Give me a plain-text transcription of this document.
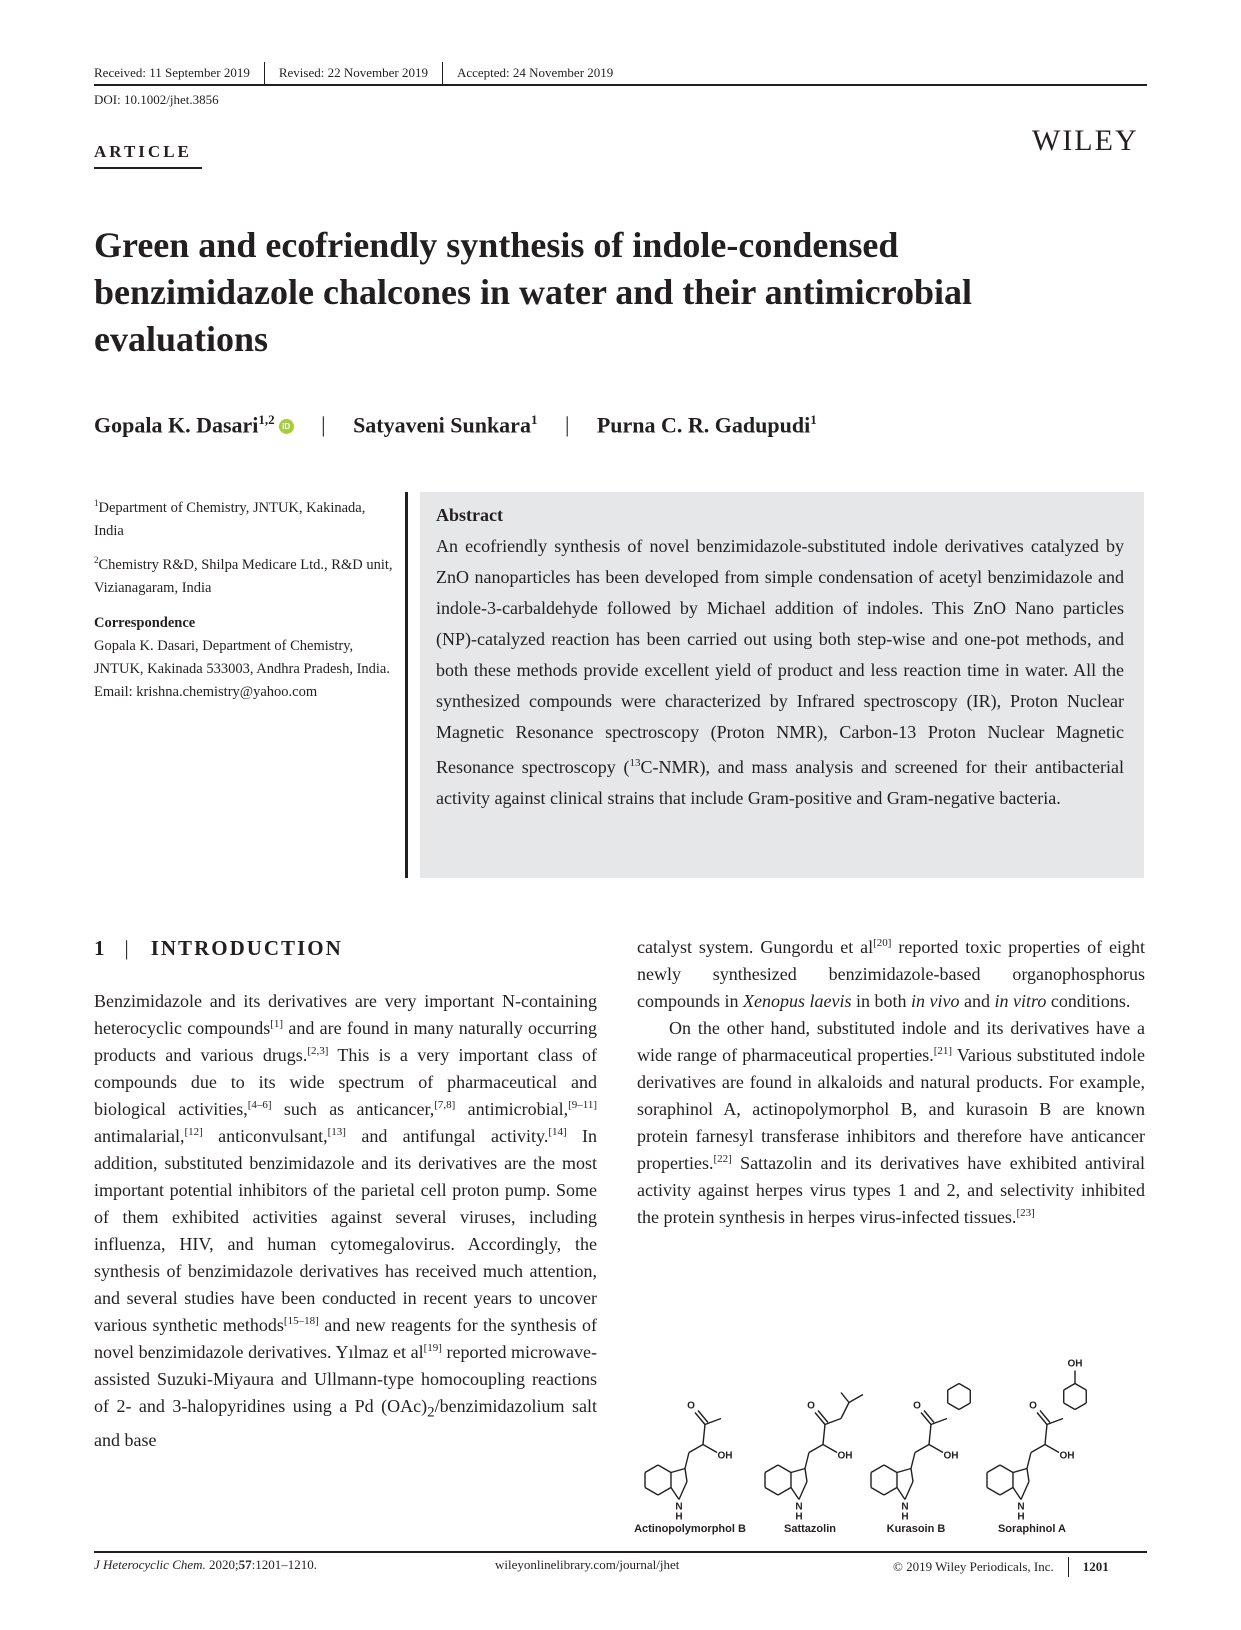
Received: 11 September 2019 Revised: 22 November 2019 Accepted: 24 November 2019
DOI: 10.1002/jhet.3856
ARTICLE	WILEY
Green and ecofriendly synthesis of indole-condensed benzimidazole chalcones in water and their antimicrobial evaluations
Gopala K. Dasari$^{1,2}$ iD | Satyaveni Sunkara$^1$ | Purna C. R. Gadupudi$^1$

$^1$Department of Chemistry, JNTUK, Kakinada, India

$^2$Chemistry R&D, Shilpa Medicare Ltd., R&D unit, Vizianagaram, India

Correspondence
Gopala K. Dasari, Department of Chemistry, JNTUK, Kakinada 533003, Andhra Pradesh, India.
Email: krishna.chemistry@yahoo.com
Abstract
An ecofriendly synthesis of novel benzimidazole-substituted indole derivatives catalyzed by ZnO nanoparticles has been developed from simple condensation of acetyl benzimidazole and indole-3-carbaldehyde followed by Michael addition of indoles. This ZnO Nano particles (NP)-catalyzed reaction has been carried out using both step-wise and one-pot methods, and both these methods provide excellent yield of product and less reaction time in water. All the synthesized compounds were characterized by Infrared spectroscopy (IR), Proton Nuclear Magnetic Resonance spectroscopy (Proton NMR), Carbon-13 Proton Nuclear Magnetic Resonance spectroscopy ($^{13}$C-NMR), and mass analysis and screened for their antibacterial activity against clinical strains that include Gram-positive and Gram-negative bacteria.
1 | INTRODUCTION

Benzimidazole and its derivatives are very important N-containing heterocyclic compounds[1] and are found in many naturally occurring products and various drugs.[2,3] This is a very important class of compounds due to its wide spectrum of pharmaceutical and biological activities,[4–6] such as anticancer,[7,8] antimicrobial,[9–11] antimalarial,[12] anticonvulsant,[13] and antifungal activity.[14] In addition, substituted benzimidazole and its derivatives are the most important potential inhibitors of the parietal cell proton pump. Some of them exhibited activities against several viruses, including influenza, HIV, and human cytomegalovirus. Accordingly, the synthesis of benzimidazole derivatives has received much attention, and several studies have been conducted in recent years to uncover various synthetic methods[15–18] and new reagents for the synthesis of novel benzimidazole derivatives. Yılmaz et al[19] reported microwave-assisted Suzuki-Miyaura and Ullmann-type homocoupling reactions of 2- and 3-halopyridines using a Pd $(OAc)_2$/benzimidazolium salt and base

catalyst system. Gungordu et al[20] reported toxic properties of eight newly synthesized benzimidazole-based organophosphorus compounds in Xenopus laevis in both in vivo and in vitro conditions.

On the other hand, substituted indole and its derivatives have a wide range of pharmaceutical properties.[21] Various substituted indole derivatives are found in alkaloids and natural products. For example, soraphinol A, actinopolymorphol B, and kurasoin B are known protein farnesyl transferase inhibitors and therefore have anticancer properties.[22] Sattazolin and its derivatives have exhibited antiviral activity against herpes virus types 1 and 2, and selectivity inhibited the protein synthesis in herpes virus-infected tissues.[23]

N
H
OH
O
Actinopolymorphol B
N
H
OH
O
Sattazolin
N
H
OH
O
Kurasoin B
N
H
OH
O
OH
Soraphinol A
J Heterocyclic Chem. 2020;57:1201–1210.	wileyonlinelibrary.com/journal/jhet	© 2019 Wiley Periodicals, Inc. 1201
